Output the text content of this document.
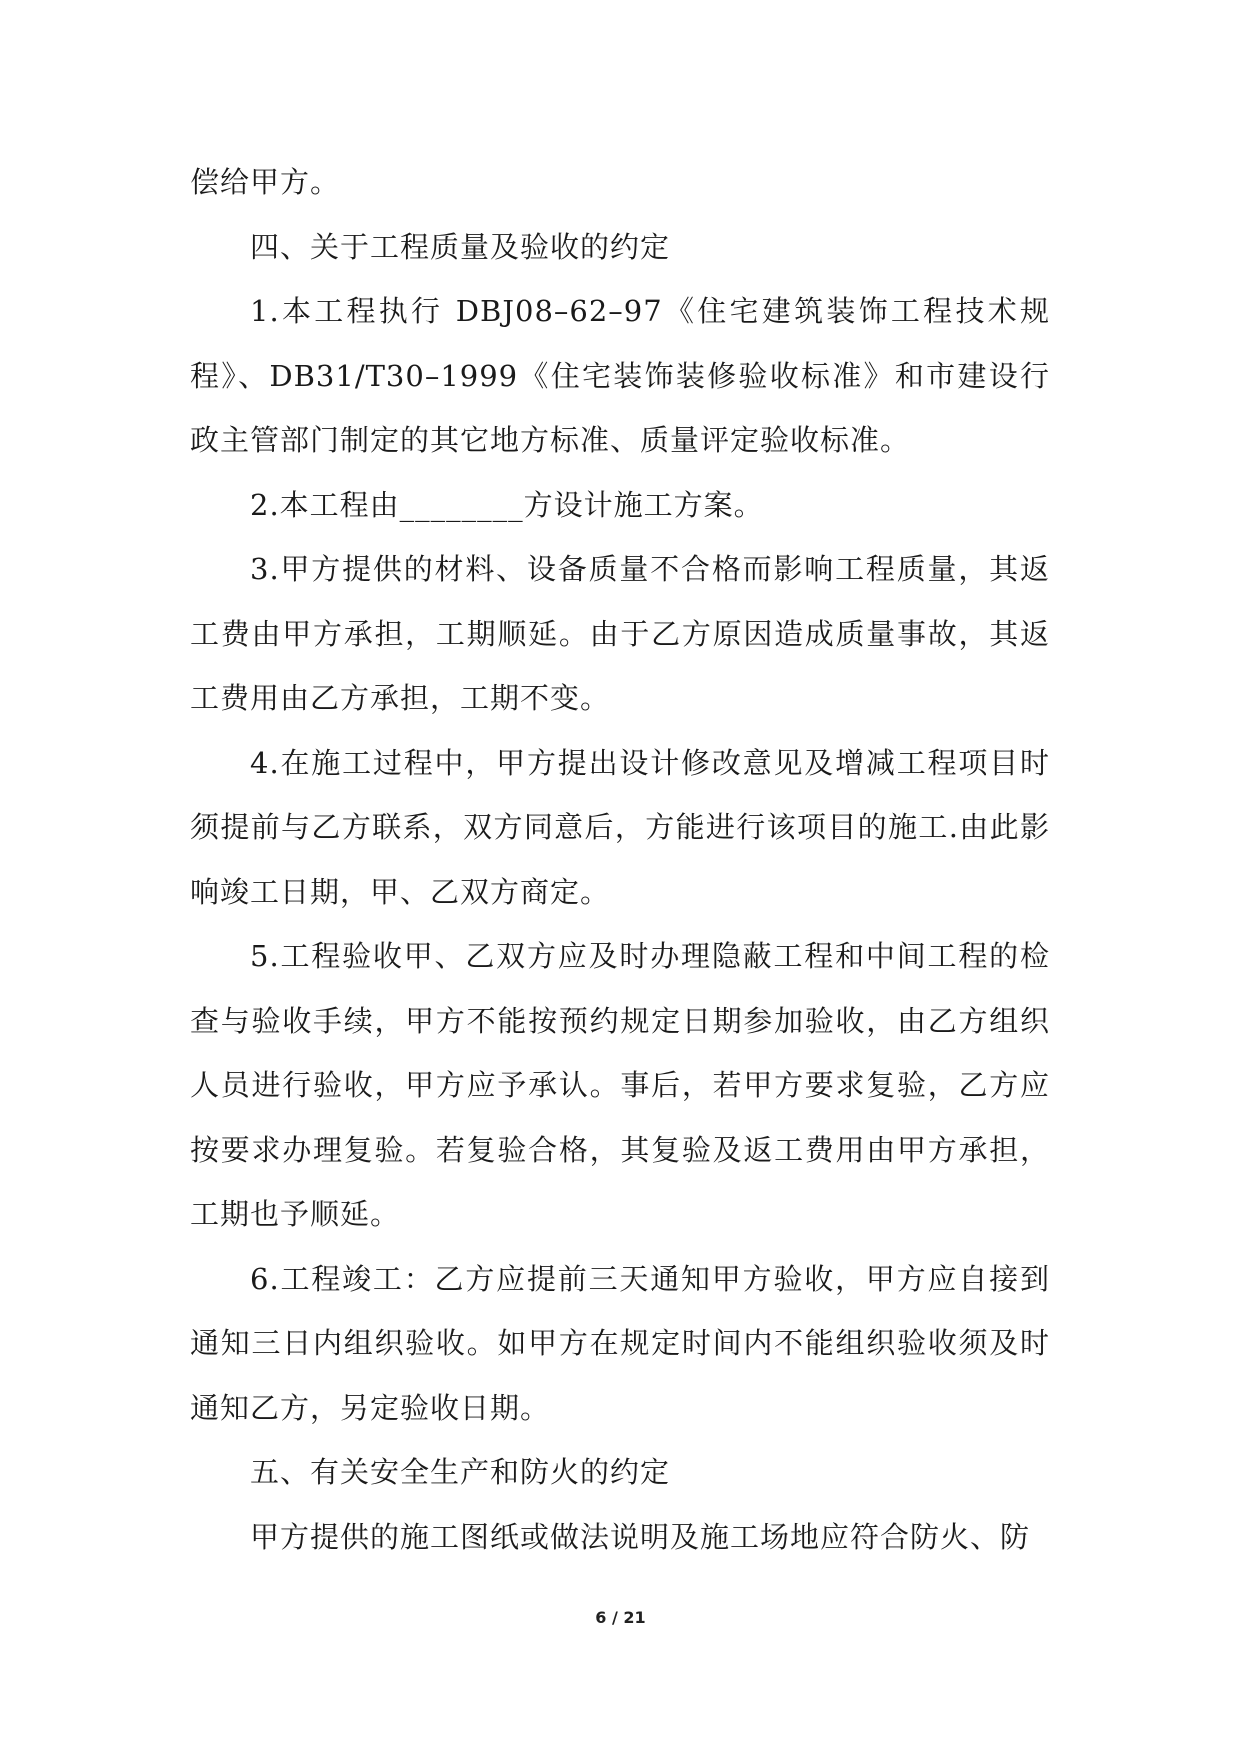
偿给甲方。

四、关于工程质量及验收的约定

1.本工程执行 DBJ08–62–97《住宅建筑装饰工程技术规程》、DB31/T30–1999《住宅装饰装修验收标准》和市建设行政主管部门制定的其它地方标准、质量评定验收标准。

2.本工程由________方设计施工方案。

3.甲方提供的材料、设备质量不合格而影响工程质量，其返工费由甲方承担，工期顺延。由于乙方原因造成质量事故，其返工费用由乙方承担，工期不变。

4.在施工过程中，甲方提出设计修改意见及增减工程项目时须提前与乙方联系，双方同意后，方能进行该项目的施工.由此影响竣工日期，甲、乙双方商定。

5.工程验收甲、乙双方应及时办理隐蔽工程和中间工程的检查与验收手续，甲方不能按预约规定日期参加验收，由乙方组织人员进行验收，甲方应予承认。事后，若甲方要求复验，乙方应按要求办理复验。若复验合格，其复验及返工费用由甲方承担，工期也予顺延。

6.工程竣工：乙方应提前三天通知甲方验收，甲方应自接到通知三日内组织验收。如甲方在规定时间内不能组织验收须及时通知乙方，另定验收日期。

五、有关安全生产和防火的约定

甲方提供的施工图纸或做法说明及施工场地应符合防火、防

6 / 21
